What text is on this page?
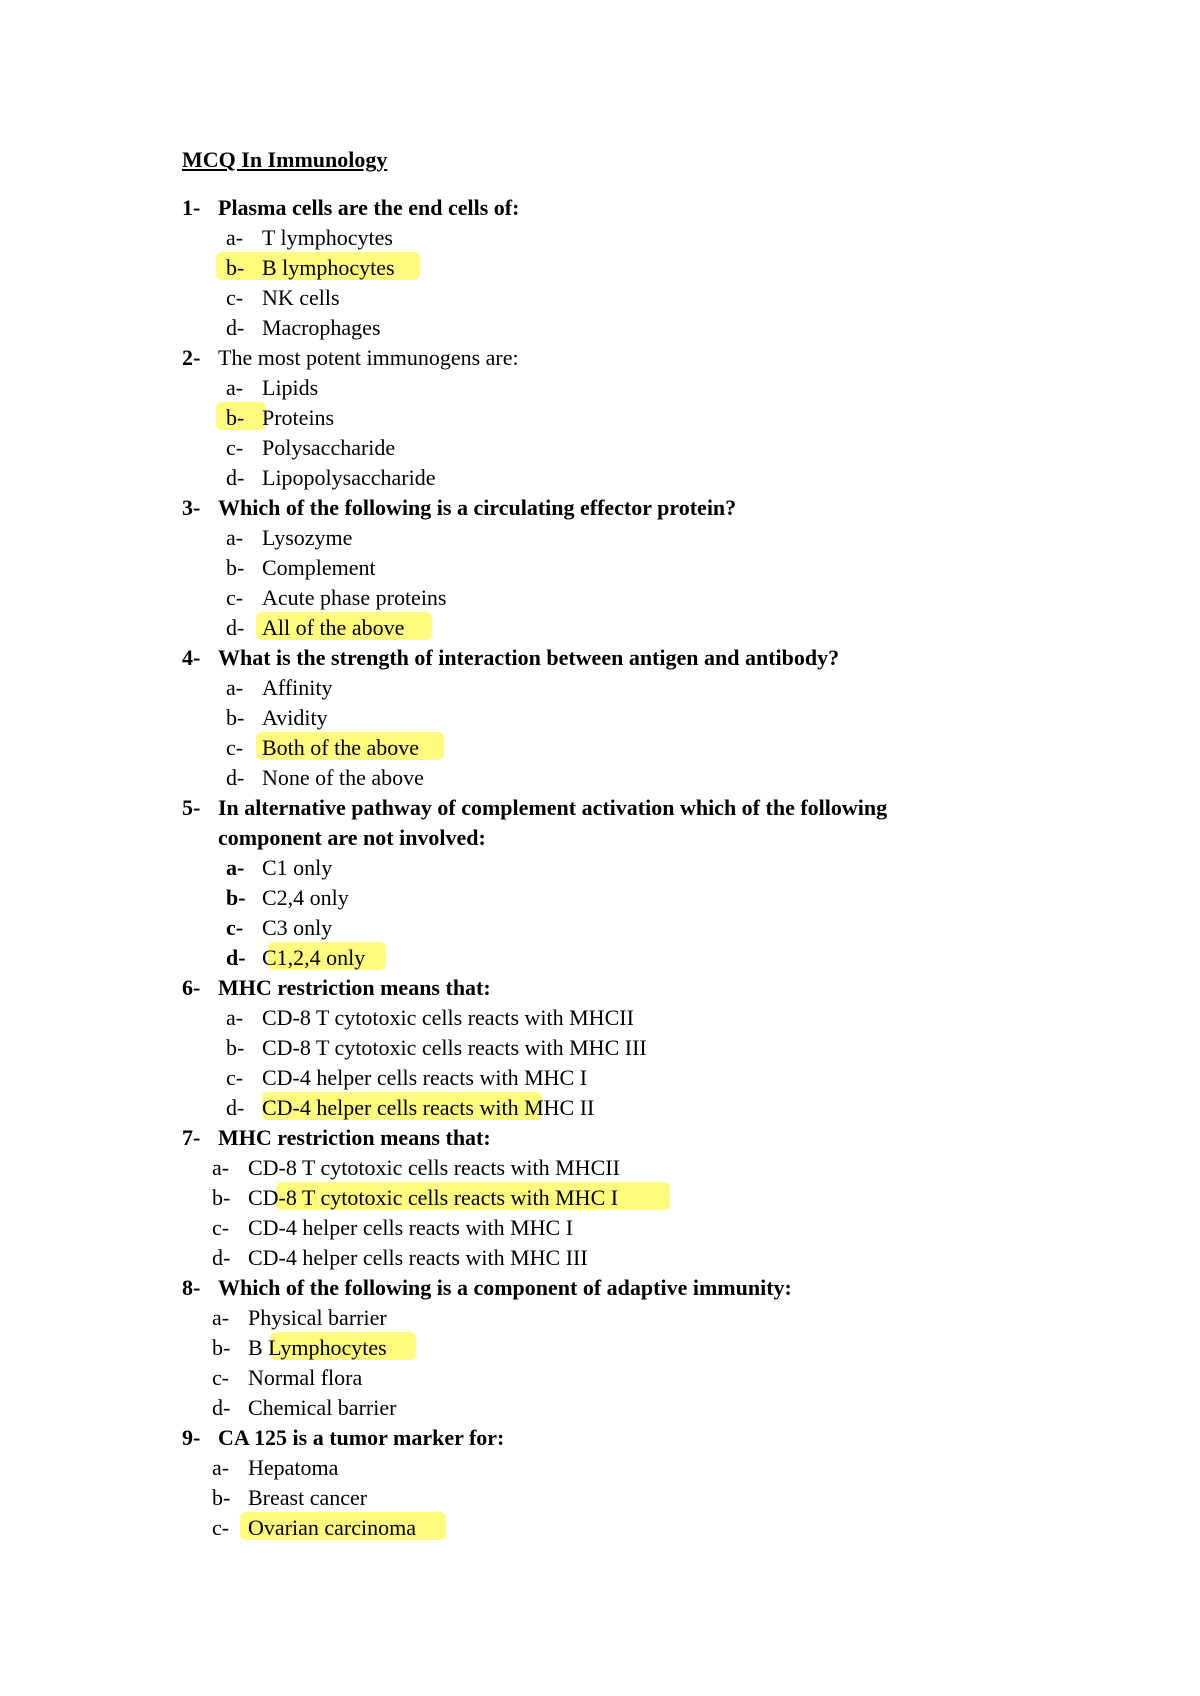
MCQ In Immunology
1- Plasma cells are the end cells of:
a- T lymphocytes
b- B lymphocytes
c- NK cells
d- Macrophages
2- The most potent immunogens are:
a- Lipids
b- Proteins
c- Polysaccharide
d- Lipopolysaccharide
3- Which of the following is a circulating effector protein?
a- Lysozyme
b- Complement
c- Acute phase proteins
d- All of the above
4- What is the strength of interaction between antigen and antibody?
a- Affinity
b- Avidity
c- Both of the above
d- None of the above
5- In alternative pathway of complement activation which of the following
component are not involved:
a- C1 only
b- C2,4 only
c- C3 only
d- C1,2,4 only
6- MHC restriction means that:
a- CD-8 T cytotoxic cells reacts with MHCII
b- CD-8 T cytotoxic cells reacts with MHC III
c- CD-4 helper cells reacts with MHC I
d- CD-4 helper cells reacts with MHC II
7- MHC restriction means that:
a- CD-8 T cytotoxic cells reacts with MHCII
b- CD-8 T cytotoxic cells reacts with MHC I
c- CD-4 helper cells reacts with MHC I
d- CD-4 helper cells reacts with MHC III
8- Which of the following is a component of adaptive immunity:
a- Physical barrier
b- B Lymphocytes
c- Normal flora
d- Chemical barrier
9- CA 125 is a tumor marker for:
a- Hepatoma
b- Breast cancer
c- Ovarian carcinoma
